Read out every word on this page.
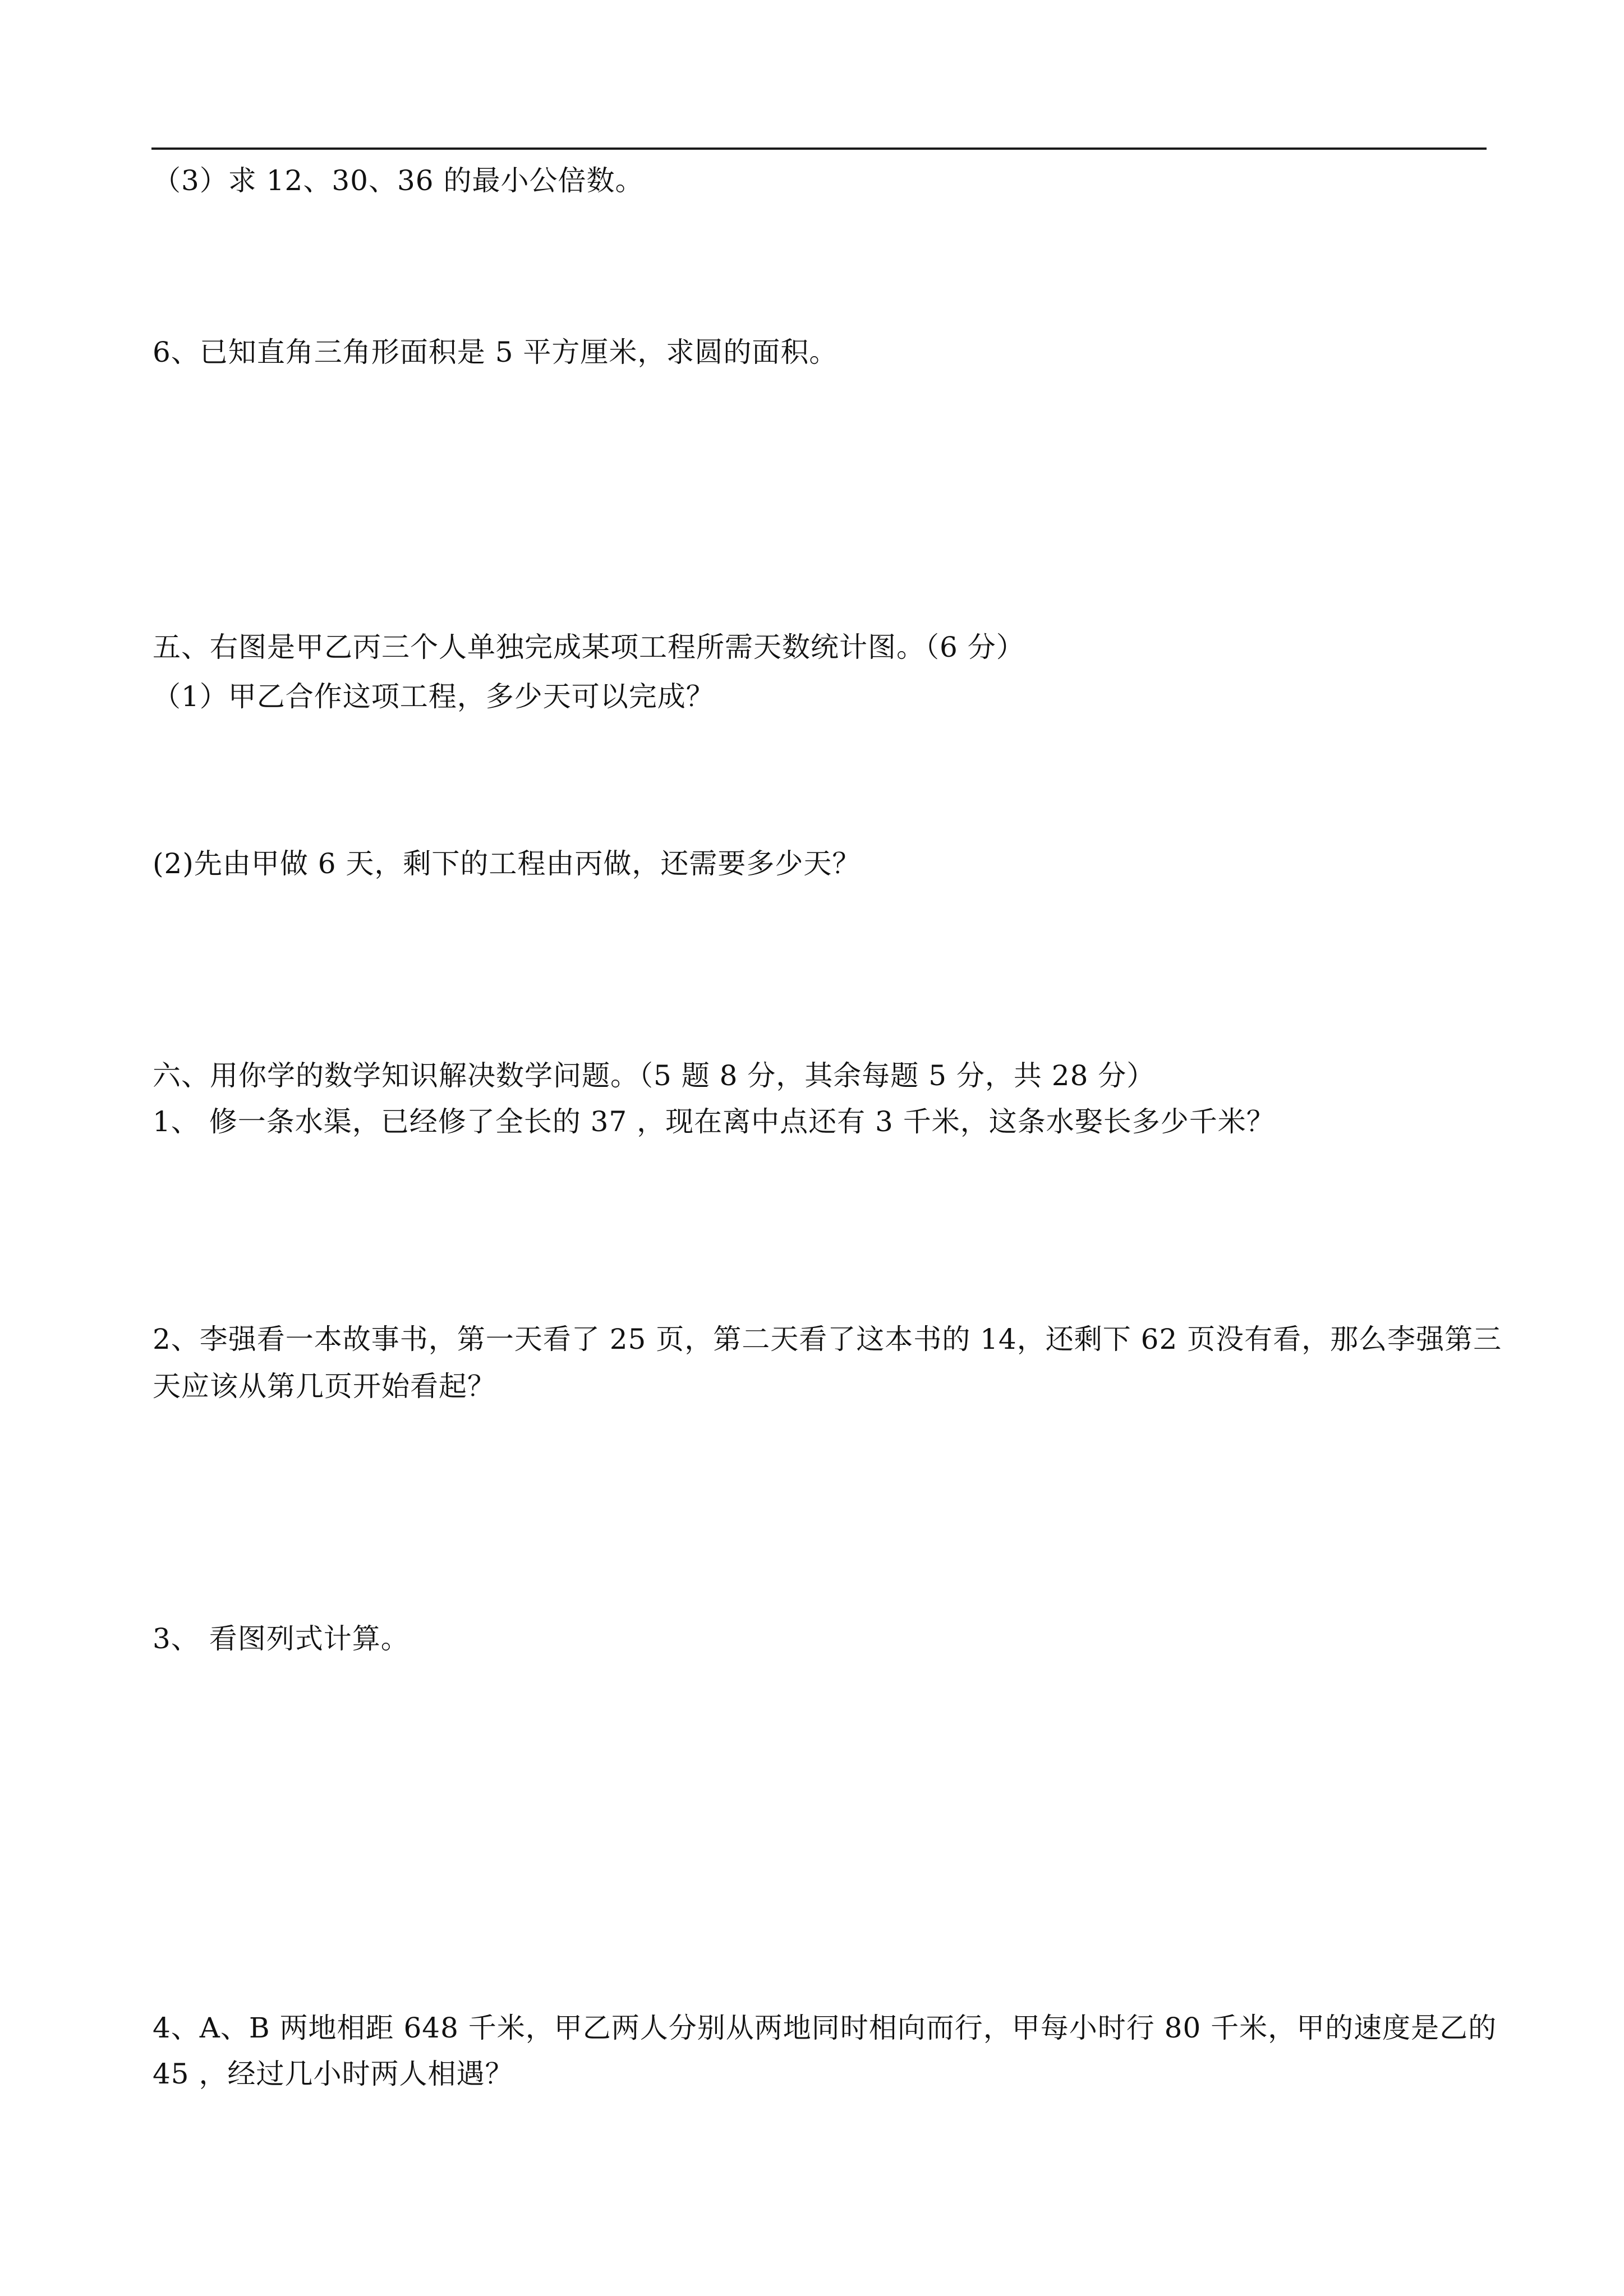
（3）求 12、30、36 的最小公倍数。
6、已知直角三角形面积是 5 平方厘米，求圆的面积。
五、右图是甲乙丙三个人单独完成某项工程所需天数统计图。（6 分）
（1）甲乙合作这项工程，多少天可以完成？
(2)先由甲做 6 天，剩下的工程由丙做，还需要多少天？
六、用你学的数学知识解决数学问题。（5 题 8 分，其余每题 5 分，共 28 分）
1、 修一条水渠，已经修了全长的 37 ，现在离中点还有 3 千米，这条水娶长多少千米？
2、李强看一本故事书，第一天看了 25 页，第二天看了这本书的 14，还剩下 62 页没有看，那么李强第三
天应该从第几页开始看起？
3、 看图列式计算。
4、A、B 两地相距 648 千米，甲乙两人分别从两地同时相向而行，甲每小时行 80 千米，甲的速度是乙的
45 ，经过几小时两人相遇？
